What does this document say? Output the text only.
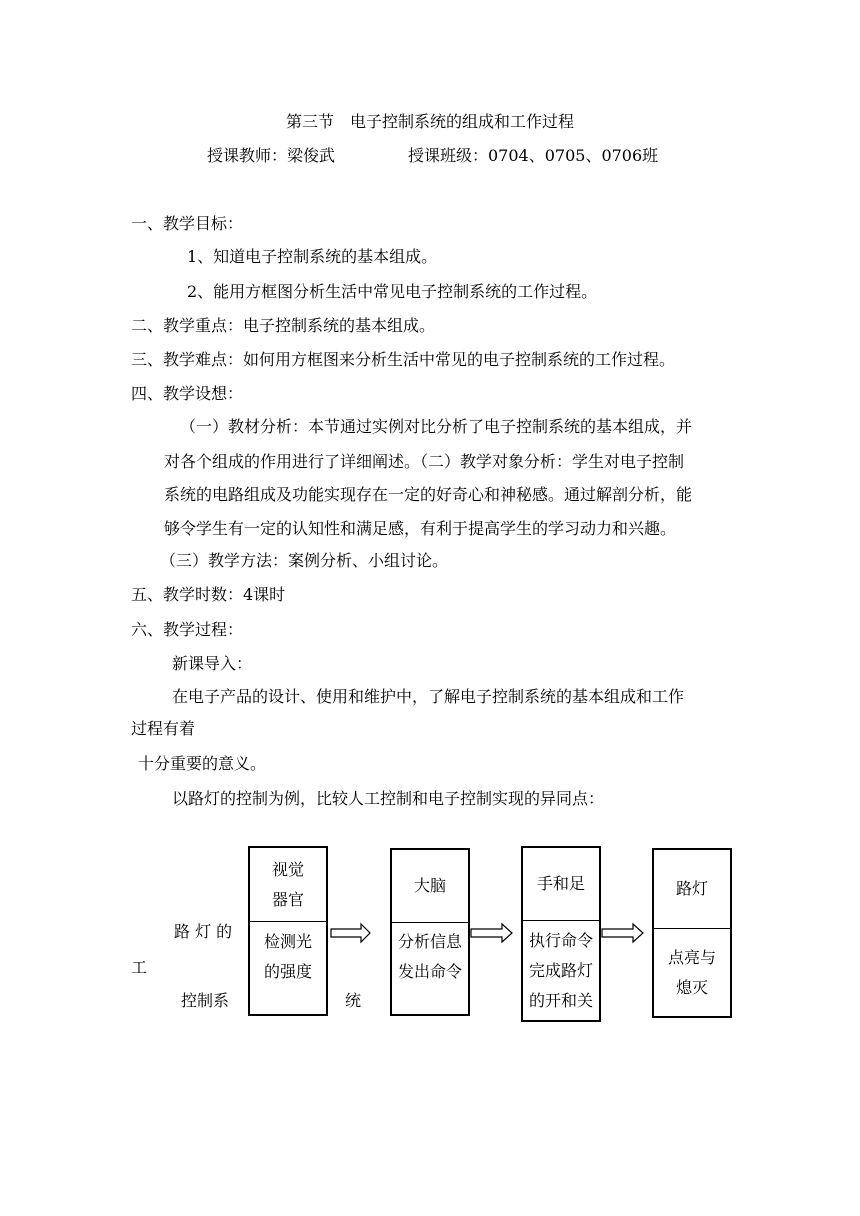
第三节　电子控制系统的组成和工作过程
授课教师：梁俊武	授课班级：0704、0705、0706班
一、教学目标：
1、知道电子控制系统的基本组成。
2、能用方框图分析生活中常见电子控制系统的工作过程。
二、教学重点：电子控制系统的基本组成。
三、教学难点：如何用方框图来分析生活中常见的电子控制系统的工作过程。
四、教学设想：
（一）教材分析：本节通过实例对比分析了电子控制系统的基本组成，并
对各个组成的作用进行了详细阐述。（二）教学对象分析：学生对电子控制
系统的电路组成及功能实现存在一定的好奇心和神秘感。通过解剖分析，能
够令学生有一定的认知性和满足感，有利于提高学生的学习动力和兴趣。
（三）教学方法：案例分析、小组讨论。
五、教学时数：4课时
六、教学过程：
新课导入：
在电子产品的设计、使用和维护中，了解电子控制系统的基本组成和工作
过程有着
十分重要的意义。
以路灯的控制为例，比较人工控制和电子控制实现的异同点：
路 灯 的
工
控制系	统
视觉
器官
检测光
的强度
大脑
分析信息
发出命令
手和足
执行命令
完成路灯
的开和关
路灯
点亮与
熄灭
